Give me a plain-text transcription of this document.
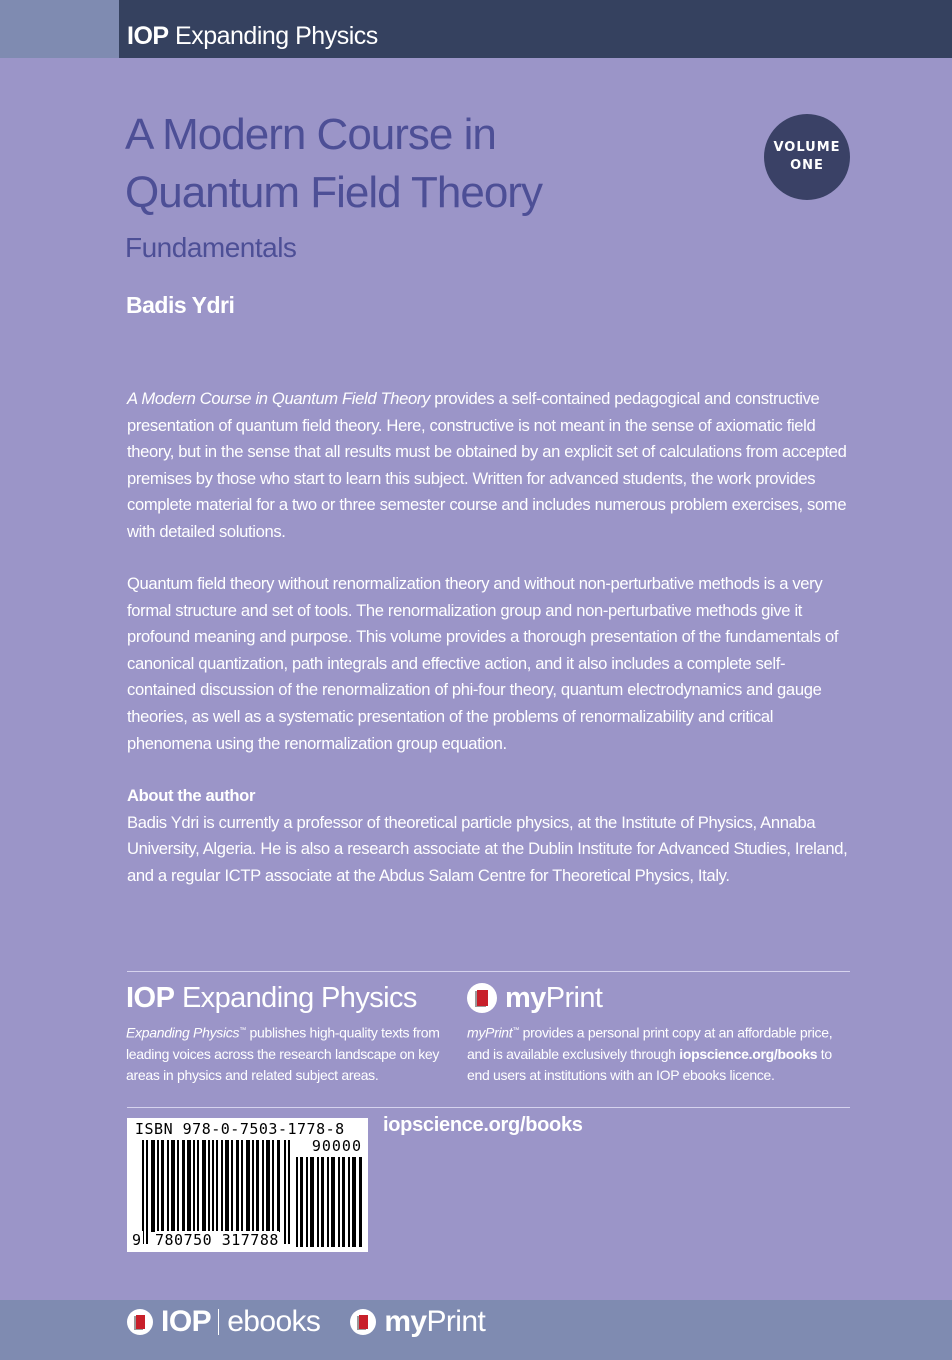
IOP Expanding Physics
A Modern Course in
Quantum Field Theory
Fundamentals
Badis Ydri
VOLUME
ONE
A Modern Course in Quantum Field Theory provides a self-contained pedagogical and constructive presentation of quantum field theory. Here, constructive is not meant in the sense of axiomatic field theory, but in the sense that all results must be obtained by an explicit set of calculations from accepted premises by those who start to learn this subject. Written for advanced students, the work provides complete material for a two or three semester course and includes numerous problem exercises, some with detailed solutions.
Quantum field theory without renormalization theory and without non-perturbative methods is a very formal structure and set of tools. The renormalization group and non-perturbative methods give it profound meaning and purpose. This volume provides a thorough presentation of the fundamentals of canonical quantization, path integrals and effective action, and it also includes a complete self-contained discussion of the renormalization of phi-four theory, quantum electrodynamics and gauge theories, as well as a systematic presentation of the problems of renormalizability and critical phenomena using the renormalization group equation.
About the author
Badis Ydri is currently a professor of theoretical particle physics, at the Institute of Physics, Annaba University, Algeria. He is also a research associate at the Dublin Institute for Advanced Studies, Ireland, and a regular ICTP associate at the Abdus Salam Centre for Theoretical Physics, Italy.
IOP
Expanding Physics
Expanding Physics™ publishes high-quality texts from leading voices across the research landscape on key areas in physics and related subject areas.
my Print
myPrint™ provides a personal print copy at an affordable price, and is available exclusively through iopscience.org/books to end users at institutions with an IOP ebooks licence.
ISBN 978-0-7503-1778-8
90000
9 780750 317788
iopscience.org/books
IOP ebooks my Print
